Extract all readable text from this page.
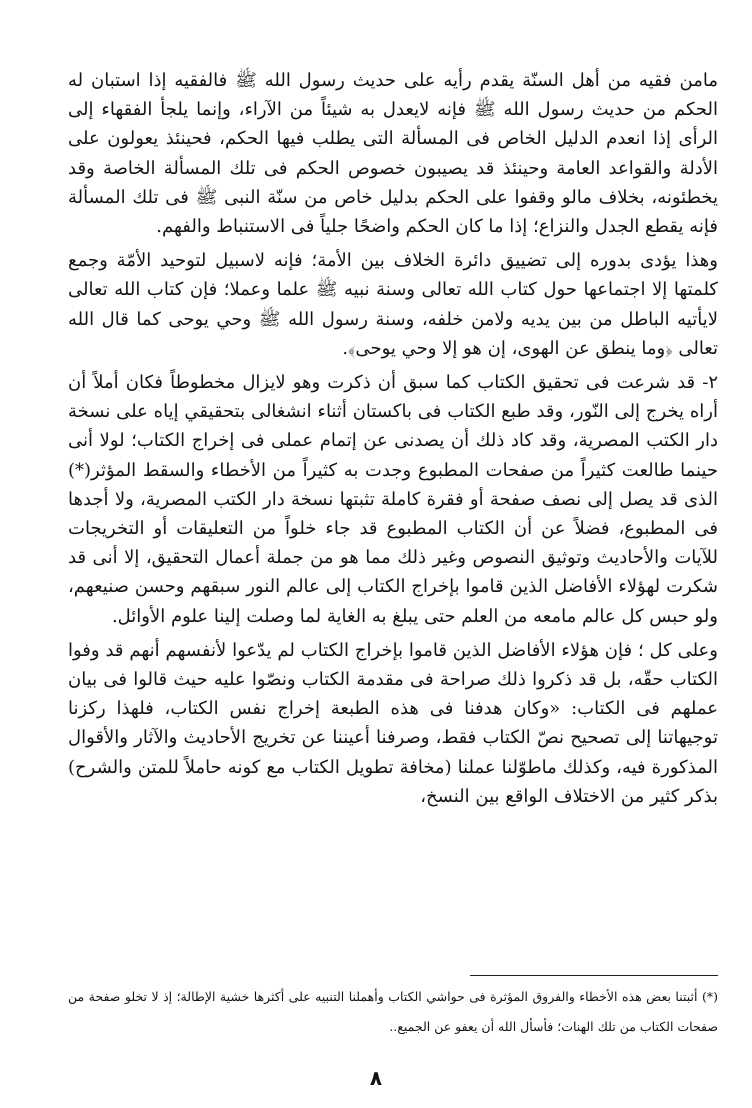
مامن فقيه من أهل السنّة يقدم رأيه على حديث رسول الله ﷺ فالفقيه إذا استبان له الحكم من حديث رسول الله ﷺ فإنه لايعدل به شيئاً من الآراء، وإنما يلجأ الفقهاء إلى الرأى إذا انعدم الدليل الخاص فى المسألة التى يطلب فيها الحكم، فحينئذ يعولون على الأدلة والقواعد العامة وحينئذ قد يصيبون خصوص الحكم فى تلك المسألة الخاصة وقد يخطئونه، بخلاف مالو وقفوا على الحكم بدليل خاص من سنّة النبى ﷺ فى تلك المسألة فإنه يقطع الجدل والنزاع؛ إذا ما كان الحكم واضحًا جلياً فى الاستنباط والفهم.

وهذا يؤدى بدوره إلى تضييق دائرة الخلاف بين الأمة؛ فإنه لاسبيل لتوحيد الأمّة وجمع كلمتها إلا اجتماعها حول كتاب الله تعالى وسنة نبيه ﷺ علما وعملا؛ فإن كتاب الله تعالى لايأتيه الباطل من بين يديه ولامن خلفه، وسنة رسول الله ﷺ وحي يوحى كما قال الله تعالى ﴿وما ينطق عن الهوى، إن هو إلا وحي يوحى﴾.

٢- قد شرعت فى تحقيق الكتاب كما سبق أن ذكرت وهو لايزال مخطوطاً فكان أملاً أن أراه يخرج إلى النّور، وقد طبع الكتاب فى باكستان أثناء انشغالى بتحقيقي إياه على نسخة دار الكتب المصرية، وقد كاد ذلك أن يصدنى عن إتمام عملى فى إخراج الكتاب؛ لولا أنى حينما طالعت كثيراً من صفحات المطبوع وجدت به كثيراً من الأخطاء والسقط المؤثر(*) الذى قد يصل إلى نصف صفحة أو فقرة كاملة تثبتها نسخة دار الكتب المصرية، ولا أجدها فى المطبوع، فضلاً عن أن الكتاب المطبوع قد جاء خلواً من التعليقات أو التخريجات للآيات والأحاديث وتوثيق النصوص وغير ذلك مما هو من جملة أعمال التحقيق، إلا أنى قد شكرت لهؤلاء الأفاضل الذين قاموا بإخراج الكتاب إلى عالم النور سبقهم وحسن صنيعهم، ولو حبس كل عالم مامعه من العلم حتى يبلغ به الغاية لما وصلت إلينا علوم الأوائل.

وعلى كل ؛ فإن هؤلاء الأفاضل الذين قاموا بإخراج الكتاب لم يدّعوا لأنفسهم أنهم قد وفوا الكتاب حقّه، بل قد ذكروا ذلك صراحة فى مقدمة الكتاب ونصّوا عليه حيث قالوا فى بيان عملهم فى الكتاب: «وكان هدفنا فى هذه الطبعة إخراج نفس الكتاب، فلهذا ركزنا توجيهاتنا إلى تصحيح نصّ الكتاب فقط، وصرفنا أعيننا عن تخريج الأحاديث والآثار والأقوال المذكورة فيه، وكذلك ماطوّلنا عملنا (مخافة تطويل الكتاب مع كونه حاملاً للمتن والشرح) بذكر كثير من الاختلاف الواقع بين النسخ،

(*) أثبتنا بعض هذه الأخطاء والفروق المؤثرة فى حواشي الكتاب وأهملنا التنبيه على أكثرها خشية الإطالة؛ إذ لا تخلو صفحة من صفحات الكتاب من تلك الهنات؛ فأسأل الله أن يعفو عن الجميع..

٨
